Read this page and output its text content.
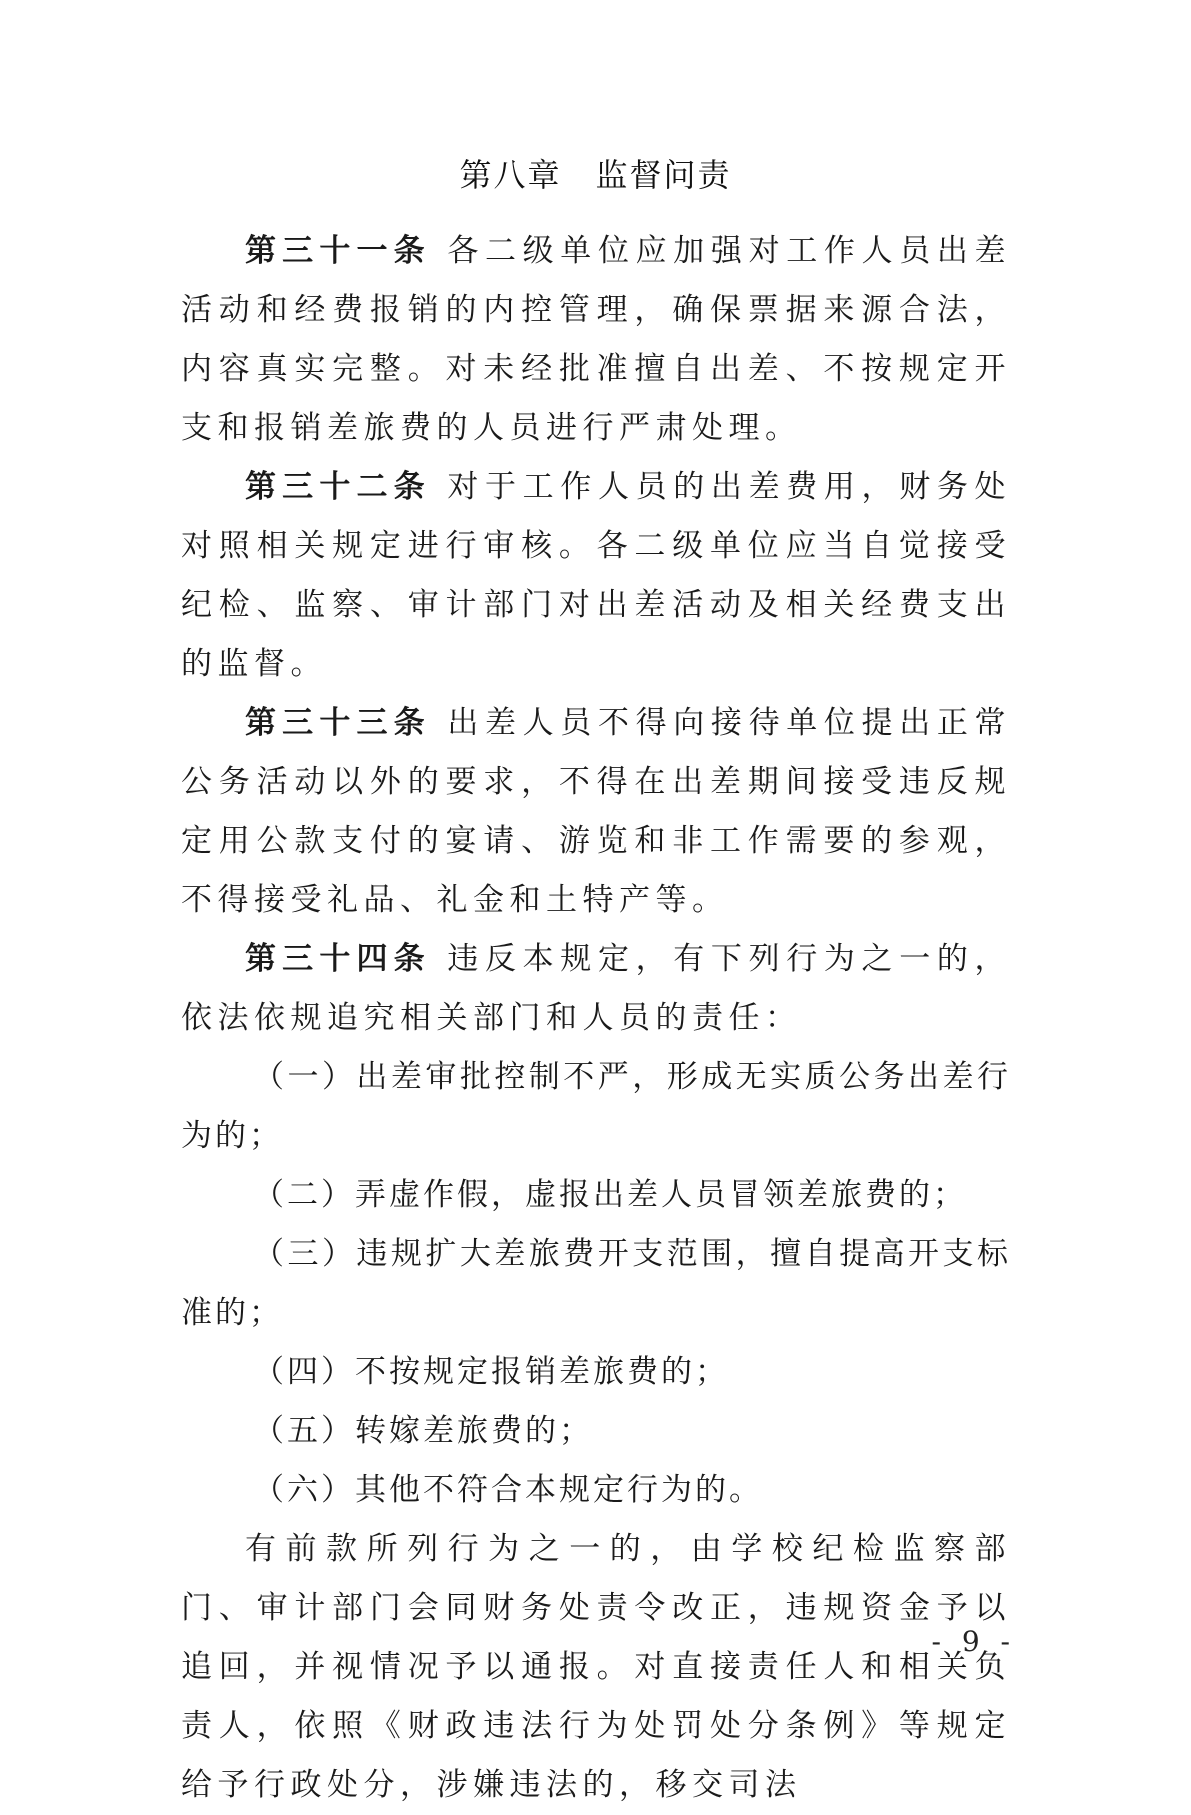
第八章　监督问责

第三十一条 各二级单位应加强对工作人员出差活动和经费报销的内控管理，确保票据来源合法，内容真实完整。对未经批准擅自出差、不按规定开支和报销差旅费的人员进行严肃处理。

第三十二条 对于工作人员的出差费用，财务处对照相关规定进行审核。各二级单位应当自觉接受纪检、监察、审计部门对出差活动及相关经费支出的监督。

第三十三条 出差人员不得向接待单位提出正常公务活动以外的要求，不得在出差期间接受违反规定用公款支付的宴请、游览和非工作需要的参观，不得接受礼品、礼金和土特产等。

第三十四条 违反本规定，有下列行为之一的，依法依规追究相关部门和人员的责任：

（一）出差审批控制不严，形成无实质公务出差行为的；

（二）弄虚作假，虚报出差人员冒领差旅费的；

（三）违规扩大差旅费开支范围，擅自提高开支标准的；

（四）不按规定报销差旅费的；

（五）转嫁差旅费的；

（六）其他不符合本规定行为的。

有前款所列行为之一的，由学校纪检监察部门、审计部门会同财务处责令改正，违规资金予以追回，并视情况予以通报。对直接责任人和相关负责人，依照《财政违法行为处罚处分条例》等规定给予行政处分，涉嫌违法的，移交司法

- 9 -
